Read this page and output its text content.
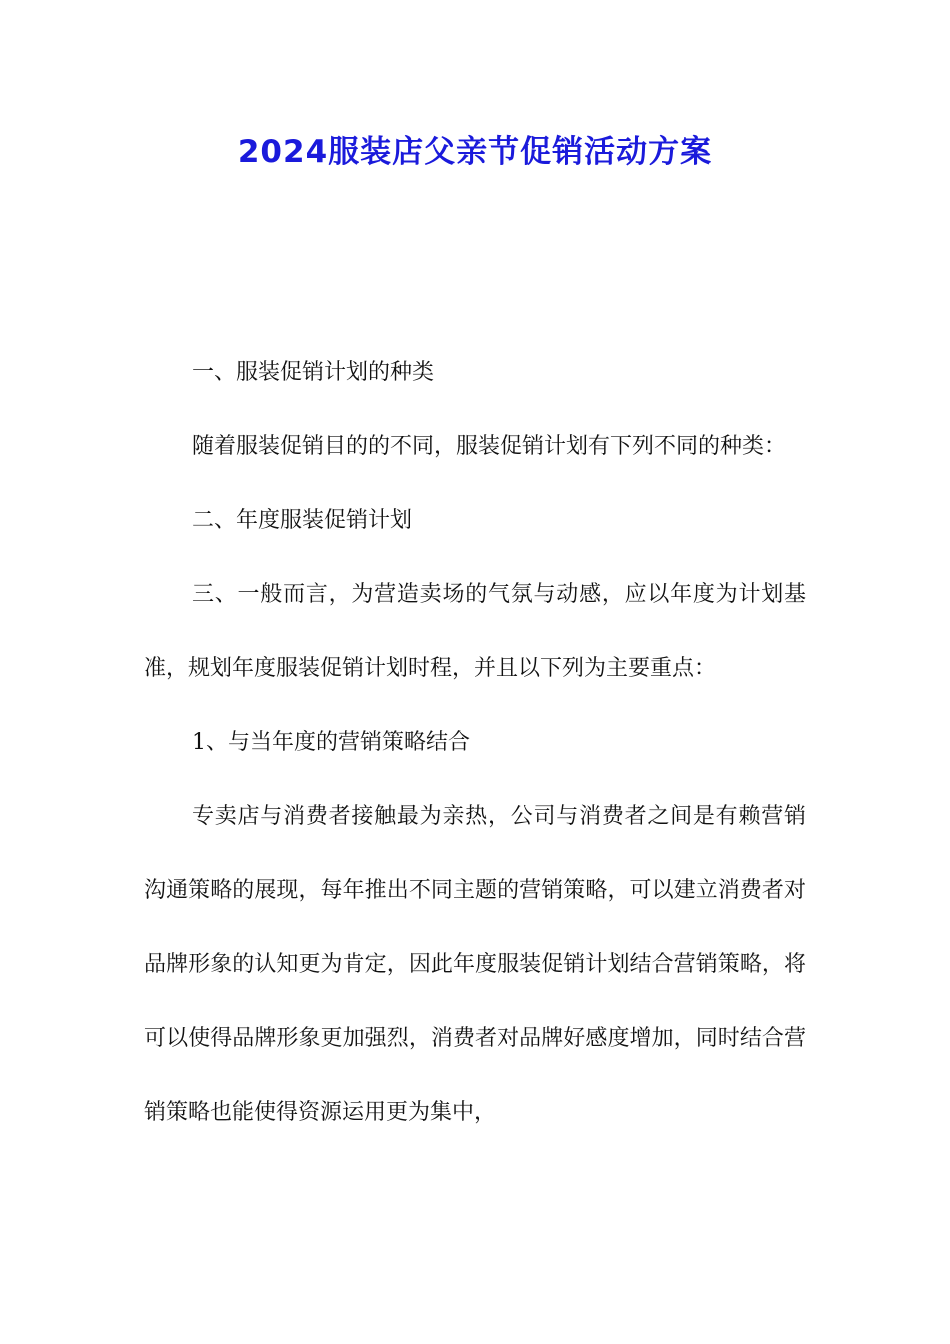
2024服装店父亲节促销活动方案

一、服装促销计划的种类

随着服装促销目的的不同，服装促销计划有下列不同的种类：

二、年度服装促销计划

三、一般而言，为营造卖场的气氛与动感，应以年度为计划基准，规划年度服装促销计划时程，并且以下列为主要重点：

1、与当年度的营销策略结合

专卖店与消费者接触最为亲热，公司与消费者之间是有赖营销沟通策略的展现，每年推出不同主题的营销策略，可以建立消费者对品牌形象的认知更为肯定，因此年度服装促销计划结合营销策略，将可以使得品牌形象更加强烈，消费者对品牌好感度增加，同时结合营销策略也能使得资源运用更为集中，
